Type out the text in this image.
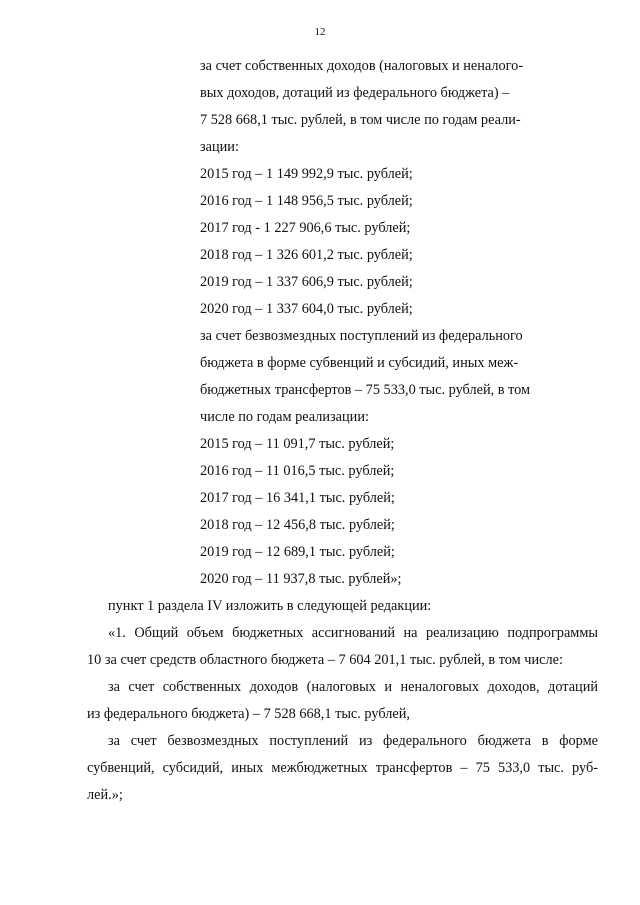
12
за счет собственных доходов (налоговых и неналого-
вых доходов, дотаций из федерального бюджета) –
7 528 668,1 тыс. рублей, в том числе по годам реали-
зации:
2015 год – 1 149 992,9 тыс. рублей;
2016 год – 1 148 956,5 тыс. рублей;
2017 год - 1 227 906,6 тыс. рублей;
2018 год – 1 326 601,2 тыс. рублей;
2019 год – 1 337 606,9 тыс. рублей;
2020 год – 1 337 604,0 тыс. рублей;
за счет безвозмездных поступлений из федерального
бюджета в форме субвенций и субсидий, иных меж-
бюджетных трансфертов – 75 533,0 тыс. рублей, в том
числе по годам реализации:
2015 год – 11 091,7 тыс. рублей;
2016 год – 11 016,5 тыс. рублей;
2017 год – 16 341,1 тыс. рублей;
2018 год – 12 456,8 тыс. рублей;
2019 год – 12 689,1 тыс. рублей;
2020 год – 11 937,8 тыс. рублей»;
пункт 1 раздела IV изложить в следующей редакции:
«1. Общий объем бюджетных ассигнований на реализацию подпрограммы
10 за счет средств областного бюджета – 7 604 201,1 тыс. рублей, в том числе:
за счет собственных доходов (налоговых и неналоговых доходов, дотаций
из федерального бюджета) – 7 528 668,1 тыс. рублей,
за счет безвозмездных поступлений из федерального бюджета в форме
субвенций, субсидий, иных межбюджетных трансфертов – 75 533,0 тыс. руб-
лей.»;
